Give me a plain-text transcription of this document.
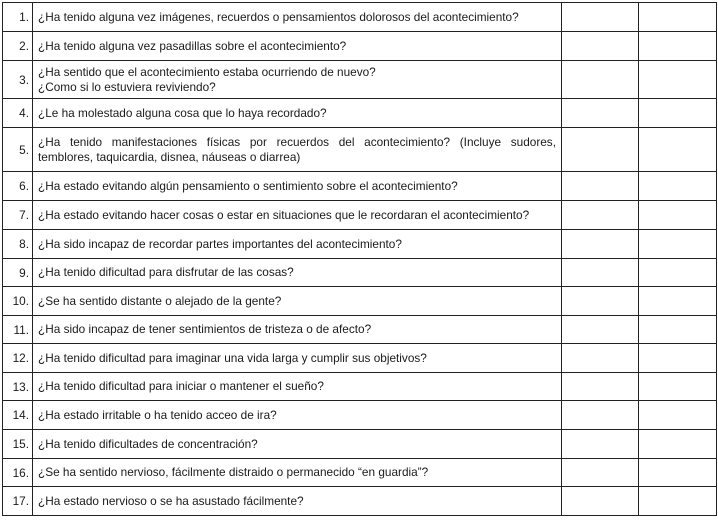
1.	¿Ha tenido alguna vez imágenes, recuerdos o pensamientos dolorosos del acontecimiento?		

2.	¿Ha tenido alguna vez pasadillas sobre el acontecimiento?		

3.	¿Ha sentido que el acontecimiento estaba ocurriendo de nuevo?
¿Como si lo estuviera reviviendo?		

4.	¿Le ha molestado alguna cosa que lo haya recordado?		

5.	¿Ha tenido manifestaciones físicas por recuerdos del acontecimiento? (Incluye sudores, temblores, taquicardia, disnea, náuseas o diarrea)		

6.	¿Ha estado evitando algún pensamiento o sentimiento sobre el acontecimiento?		

7.	¿Ha estado evitando hacer cosas o estar en situaciones que le recordaran el acontecimiento?		

8.	¿Ha sido incapaz de recordar partes importantes del acontecimiento?		

9.	¿Ha tenido dificultad para disfrutar de las cosas?		

10.	¿Se ha sentido distante o alejado de la gente?		

11.	¿Ha sido incapaz de tener sentimientos de tristeza o de afecto?		

12.	¿Ha tenido dificultad para imaginar una vida larga y cumplir sus objetivos?		

13.	¿Ha tenido dificultad para iniciar o mantener el sueño?		

14.	¿Ha estado irritable o ha tenido acceo de ira?		

15.	¿Ha tenido dificultades de concentración?		

16.	¿Se ha sentido nervioso, fácilmente distraido o permanecido “en guardia”?		

17.	¿Ha estado nervioso o se ha asustado fácilmente?		
